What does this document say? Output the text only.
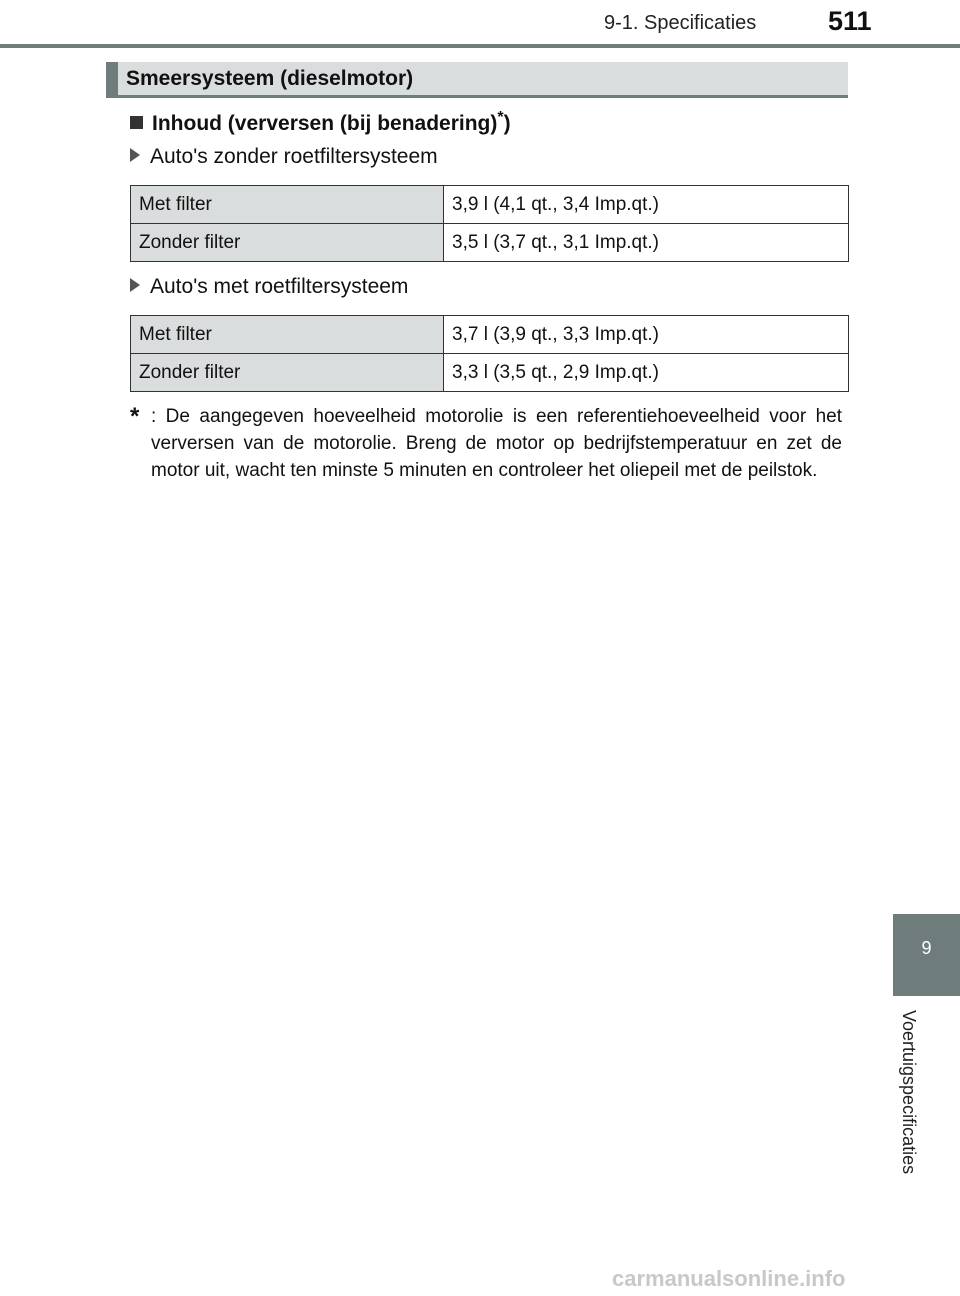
9-1. Specificaties	511
Smeersysteem (dieselmotor)
Inhoud (verversen (bij benadering)*)
Auto's zonder roetfiltersysteem
Met filter	3,9 l (4,1 qt., 3,4 Imp.qt.)
Zonder filter	3,5 l (3,7 qt., 3,1 Imp.qt.)
Auto's met roetfiltersysteem
Met filter	3,7 l (3,9 qt., 3,3 Imp.qt.)
Zonder filter	3,3 l (3,5 qt., 2,9 Imp.qt.)
* : De aangegeven hoeveelheid motorolie is een referentiehoeveelheid voor het verversen van de motorolie. Breng de motor op bedrijfstemperatuur en zet de motor uit, wacht ten minste 5 minuten en controleer het oliepeil met de peilstok.
9
Voertuigspecificaties
carmanualsonline.info
